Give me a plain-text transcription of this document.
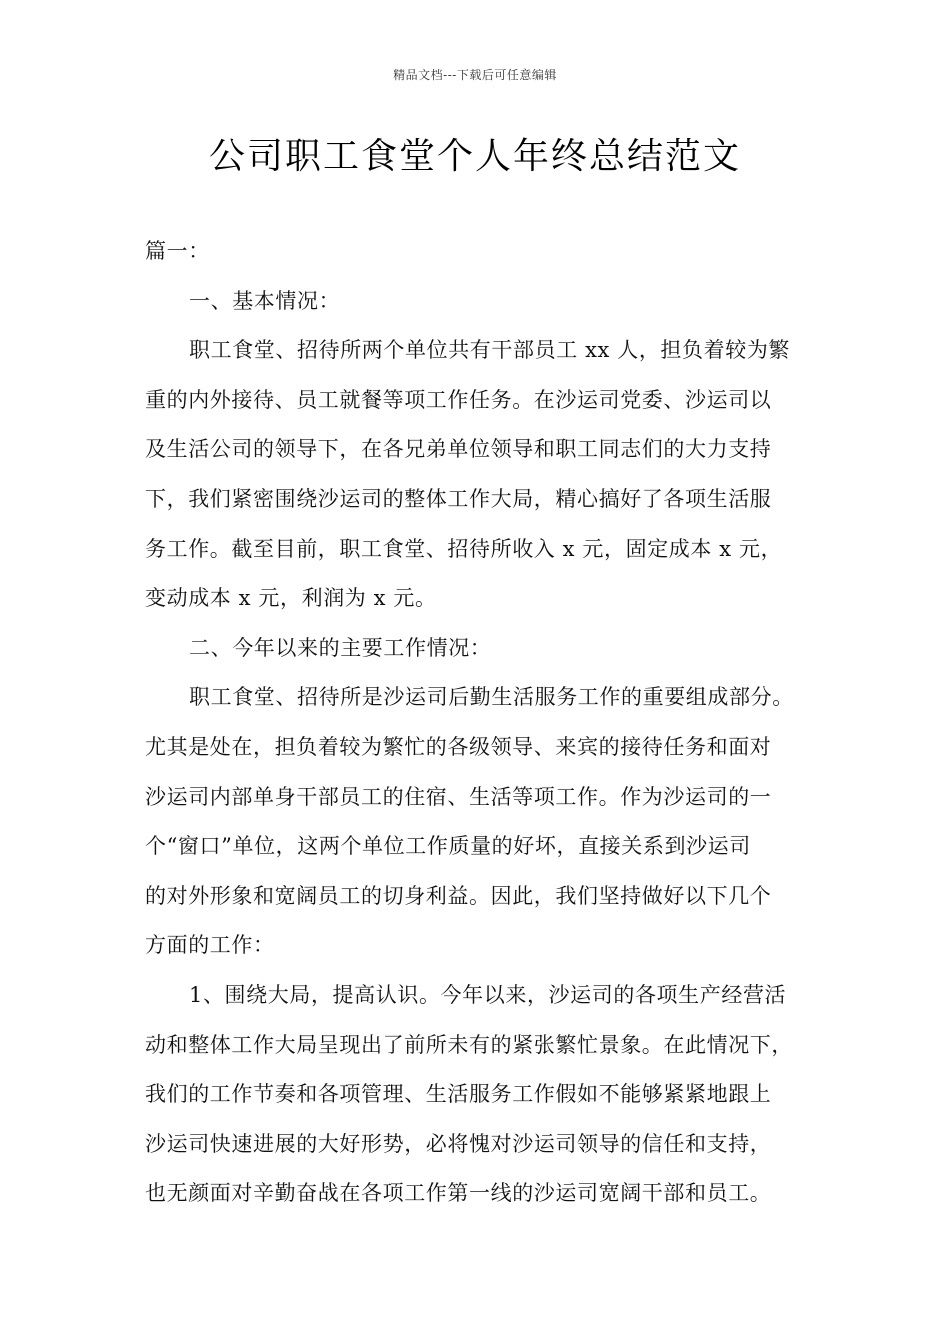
精品文档---下载后可任意编辑
公司职工食堂个人年终总结范文
篇一：
一、基本情况：
职工食堂、招待所两个单位共有干部员工 xx 人，担负着较为繁
重的内外接待、员工就餐等项工作任务。在沙运司党委、沙运司以
及生活公司的领导下，在各兄弟单位领导和职工同志们的大力支持
下，我们紧密围绕沙运司的整体工作大局，精心搞好了各项生活服
务工作。截至目前，职工食堂、招待所收入 x 元，固定成本 x 元，
变动成本 x 元，利润为 x 元。
二、今年以来的主要工作情况：
职工食堂、招待所是沙运司后勤生活服务工作的重要组成部分。
尤其是处在，担负着较为繁忙的各级领导、来宾的接待任务和面对
沙运司内部单身干部员工的住宿、生活等项工作。作为沙运司的一
个“窗口”单位，这两个单位工作质量的好坏，直接关系到沙运司
的对外形象和宽阔员工的切身利益。因此，我们坚持做好以下几个
方面的工作：
1、围绕大局，提高认识。今年以来，沙运司的各项生产经营活
动和整体工作大局呈现出了前所未有的紧张繁忙景象。在此情况下，
我们的工作节奏和各项管理、生活服务工作假如不能够紧紧地跟上
沙运司快速进展的大好形势，必将愧对沙运司领导的信任和支持，
也无颜面对辛勤奋战在各项工作第一线的沙运司宽阔干部和员工。
